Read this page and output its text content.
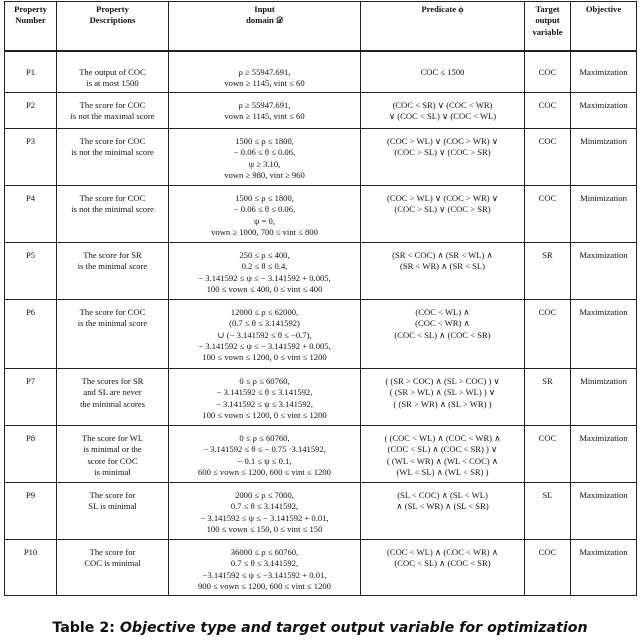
Property
Number	Property
Descriptions	Input
domain 𝒟	Predicate ϕ	Target
output
variable	Objective

P1	The output of COC
is at most 1500	ρ ≥ 55947.691,
vown ≥ 1145, vint ≤ 60	COC ≤ 1500	COC	Maximization
P2	The score for COC
is not the maximal score	ρ ≥ 55947.691,
vown ≥ 1145, vint ≤ 60	(COC < SR) ∨ (COC < WR)
∨ (COC < SL) ∨ (COC < WL)	COC	Maximization
P3	The score for COC
is not the minimal score	1500 ≤ ρ ≤ 1800,
− 0.06 ≤ θ ≤ 0.06,
ψ ≥ 3.10,
vown ≥ 980, vint ≥ 960	(COC > WL) ∨ (COC > WR) ∨
(COC > SL) ∨ (COC > SR)	COC	Minimization
P4	The score for COC
is not the minimal score	1500 ≤ ρ ≤ 1800,
− 0.06 ≤ θ ≤ 0.06,
ψ = 0,
vown ≥ 1000, 700 ≤ vint ≤ 800	(COC > WL) ∨ (COC > WR) ∨
(COC > SL) ∨ (COC > SR)	COC	Minimization
P5	The score for SR
is the minimal score	250 ≤ ρ ≤ 400,
0.2 ≤ θ ≤ 0.4,
− 3.141592 ≤ ψ ≤ − 3.141592 + 0.005,
100 ≤ vown ≤ 400, 0 ≤ vint ≤ 400	(SR < COC) ∧ (SR < WL) ∧
(SR < WR) ∧ (SR < SL)	SR	Maximization
P6	The score for COC
is the minimal score	12000 ≤ ρ ≤ 62000,
(0.7 ≤ θ ≤ 3.141592)
∪ (− 3.141592 ≤ θ ≤ −0.7),
− 3.141592 ≤ ψ ≤ − 3.141592 + 0.005,
100 ≤ vown ≤ 1200, 0 ≤ vint ≤ 1200	(COC < WL) ∧
(COC < WR) ∧
(COC < SL) ∧ (COC < SR)	COC	Maximization
P7	The scores for SR
and SL are never
the minimal scores	0 ≤ ρ ≤ 60760,
− 3.141592 ≤ θ ≤ 3.141592,
− 3.141592 ≤ ψ ≤ 3.141592,
100 ≤ vown ≤ 1200, 0 ≤ vint ≤ 1200	( (SR > COC) ∧ (SL > COC) ) ∨
( (SR > WL) ∧ (SL > WL) ) ∨
( (SR > WR) ∧ (SL > WR) )	SR	Minimization
P8	The score for WL
is minimal or the
score for COC
is minimal	0 ≤ ρ ≤ 60760,
− 3.141592 ≤ θ ≤ − 0.75 ·3.141592,
− 0.1 ≤ ψ ≤ 0.1,
600 ≤ vown ≤ 1200, 600 ≤ vint ≤ 1200	( (COC < WL) ∧ (COC < WR) ∧
(COC < SL) ∧ (COC < SR) ) ∨
( (WL < WR) ∧ (WL < COC) ∧
(WL < SL) ∧ (WL < SR) )	COC	Maximization
P9	The score for
SL is minimal	2000 ≤ ρ ≤ 7000,
0.7 ≤ θ ≤ 3.141592,
− 3.141592 ≤ ψ ≤ − 3.141592 + 0.01,
100 ≤ vown ≤ 150, 0 ≤ vint ≤ 150	(SL < COC) ∧ (SL < WL)
∧ (SL < WR) ∧ (SL < SR)	SL	Maximization
P10	The score for
COC is minimal	36000 ≤ ρ ≤ 60760,
0.7 ≤ θ ≤ 3.141592,
−3.141592 ≤ ψ ≤ −3.141592 + 0.01,
900 ≤ vown ≤ 1200, 600 ≤ vint ≤ 1200	(COC < WL) ∧ (COC < WR) ∧
(COC < SL) ∧ (COC < SR)	COC	Maximization
Table 2: Objective type and target output variable for optimization
